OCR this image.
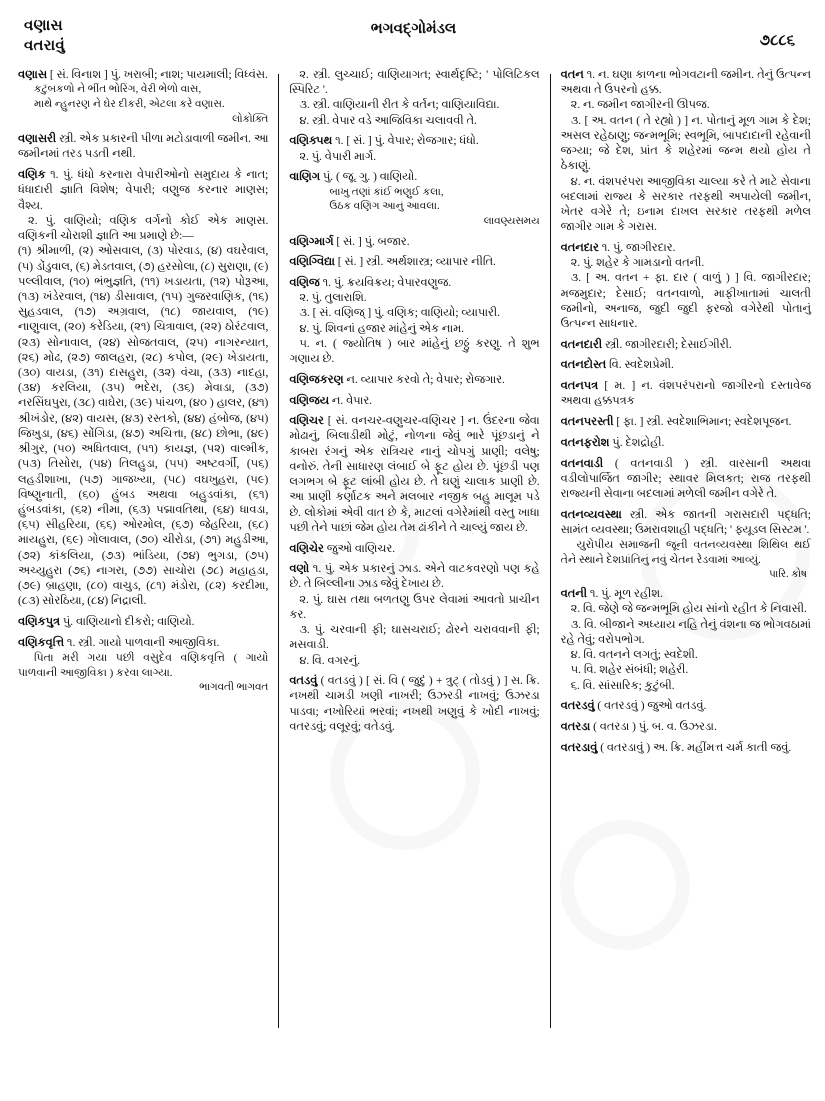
વણાસ
વતરાવું
ભગવદ્ગોમંડલ
૭૮૮૬
વણાસ [ સં. વિનાશ ] પું. ખરાબી; નાશ; પાયમાલી; વિધ્વંસ.
કટુંબકળો ને ભીંત ભોરિંગ, વેરી ભેળો વાસ,
માથે ન્હુનરણ ને ઘેર દીકરી, એટલા કરે વણાસ.
લોકોક્તિ
વણાસરી સ્ત્રી. એક પ્રકારની પીળા મટોડાવાળી જમીન. આ જમીનમાં તરડ પડતી નથી.
વણિક ૧. પું. ધંધો કરનારા વેપારીઓનો સમુદાય કે નાત; ધંધાદારી જ્ઞાતિ વિશેષ; વેપારી; વણુજ કરનાર માણસ; વૈશ્ય.
૨. પું. વાણિયો; વણિક વર્ગનો કોઈ એક માણસ. વણિકની ચોરાશી જ્ઞાતિ આ પ્રમાણે છે:—
(૧) શ્રીમાળી, (૨) ઓસવાલ, (૩) પોરવાડ, (૪) વઘરેવાલ, (૫) ડોંડુવાલ, (૬) મેડતવાલ, (૭) હરસોલા, (૮) સુરાણા, (૯) પલ્લીવાલ, (૧૦) ભંભુજ્ઞતિ, (૧૧) ખડાયતા, (૧૨) પોરૂઆ, (૧૩) ખંડેરવાલ, (૧૪) ડીસાવાલ, (૧૫) ગુજરવાણિક, (૧૬) સુહડવાલ, (૧૭) અગ્રવાલ, (૧૮) જાયવાલ, (૧૯) નાણુવાલ, (૨૦) કરેડિયા, (૨૧) ચિત્રાવાલ, (૨૨) ઠોરંટવાલ, (૨૩) સોનાવાલ, (૨૪) સોજતવાલ, (૨૫) નાગરન્યાત, (૨૬) મોઢ, (૨૭) જાલહરા, (૨૮) કપોલ, (૨૯) ખેડાયતા, (૩૦) વાયડા, (૩૧) દાસહુરા, (૩૨) વંચા, (૩૩) નાદહા, (૩૪) કરલિયા, (૩૫) ભદેરા, (૩૬) મેવાડા, (૩૭) નરસિંઘપુરા, (૩૮) વાઘેરા, (૩૯) પાંચળ, (૪૦ ) હાલર, (૪૧) શ્રીખંડોર, (૪૨) વાયસ, (૪૩) રસ્તકો, (૪૪) હંબોજ, (૪૫) જિખુડા, (૪૬) સોંગિડા, (૪૭) અચિત્તા, (૪૮) છોભા, (૪૯) શ્રીગુર, (૫૦) અધિતવાલ, (૫૧) કાયજ્ઞ, (૫૨) વાલ્મીક, (૫૩) તિસોરા, (૫૪) તિલહુડા, (૫૫) અષ્ટવર્ગી, (૫૬) લહડીશાખા, (૫૭) ગાજખ્યા, (૫૮) વઘખુહરા, (૫૯) વિષ્ણુનાતી, (૬૦) હુંબડ અથવા બહુડવાંકા, (૬૧) હુંબડવાંકા, (૬૨) નીમા, (૬૩) પદ્માવતિથા, (૬૪) ધાવડા, (૬૫) સીહરિયા, (૬૬) ઓરમોલ, (૬૭) જેહરિયા, (૬૮) માયહુરા, (૬૯) ગોલાવાલ, (૭૦) ચીરોડા, (૭૧) મહુડીઆ, (૭૨) કાંકલિયા, (૭૩) ભાંડિયા, (૭૪) ભુગડા, (૭૫) અચ્યુહુરા (૭૬) નાગરા, (૭૭) સાચોરા (૭૮) મહાહડા, (૭૯) બ્રાહણા, (૮૦) વાચુડ, (૮૧) મંડોરા, (૮૨) કરદીમા, (૮૩) સોરઠિયા, (૮૪) નિદ્રાલી.
વણિકપુત્ર પું. વાણિયાનો દીકરો; વાણિયો.
વણિકવૃત્તિ ૧. સ્ત્રી. ગાયો પાળવાની આજીવિકા.
પિતા મરી ગયા પછી વસુદેવ વણિકવૃત્તિ ( ગાયો પાળવાની આજીવિકા ) કરવા લાગ્યા.
ભાગવતી ભાગવત
૨. સ્ત્રી. લુચ્ચાઈ; વાણિયાગત; સ્વાર્થદૃષ્ટિ; ' પોલિટિકલ સ્પિરિટ '.
૩. સ્ત્રી. વાણિયાની રીત કે વર્તન; વાણિયાવિદ્યા.
૪. સ્ત્રી. વેપાર વડે આજિવિકા ચલાવવી તે.
વણિક્પથ ૧. [ સં. ] પું. વેપાર; રોજગાર; ધંધો.
૨. પું. વેપારી માર્ગ.
વાણિગ પું. ( જૂ. ગુ. ) વાણિયો.
બાખુ તણાં કાંઈ ભણુઈ કલા,
ઉઠક વણિગ આનું આવલા.
લાવણ્યસમય
વણિગ્માર્ગ [ સં. ] પું. બજાર.
વણિગ્વિદ્યા [ સં. ] સ્ત્રી. અર્થશાસ્ત્ર; વ્યાપાર નીતિ.
વણિજ ૧. પું. ક્રયવિક્રય; વેપારવણુજ.
૨. પું. તુલારાશિ.
૩. [ સં. વણિજ્ ] પું. વણિક; વાણિયો; વ્યાપારી.
૪. પું. શિવનાં હજાર માંહેનું એક નામ.
૫. ન. ( જ્યોતિષ ) બાર માંહેનું છઠ્ઠું કરણુ. તે શુભ ગણાય છે.
વણિજકરણ ન. વ્યાપાર કરવો તે; વેપાર; રોજગાર.
વણિજય ન. વેપાર.
વણિચર [ સં. વનચર-વણુચર-વણિચર ] ન. ઉંદરના જેવા મોઢાનું, બિલાડીથી મોટું, નોળના જેવું ભારે પૂંછડાનું ને કાબરા રંગનું એક રાત્રિચર નાનું ચોપગું પ્રાણી; વલેષુ; વનોરું. તેની સાધારણ લંબાઈ બે ફૂટ હોય છે. પૂંછડી પણ લગભગ બે ફૂટ લાંબી હોય છે. તે ઘણું ચાલાક પ્રાણી છે. આ પ્રાણી કર્ણાટક અને મલબાર નજીક બહુ માલૂમ પડે છે. લોકોમાં એવી વાત છે કે, માટલાં વગેરેમાંથી વસ્તુ ખાધા પછી તેને પાછાં જેમ હોય તેમ ઢાંકીને તે ચાલ્યું જાય છે.
વણિચેર જુઓ વાણિચર.
વણો ૧. પું. એક પ્રકારનું ઝાડ. એને વાટકવરણો પણ કહે છે. તે બિલ્લીના ઝાડ જેવું દેખાય છે.
૨. પું. ઘાસ તથા બળતણુ ઉપર લેવામાં આવતો પ્રાચીન કર.
૩. પું. ચરવાની ફી; ઘાસચરાઈ; ઢોરને ચરાવવાની ફી; મસવાડી.
૪. વિ. વગરનું.
વતડવું ( વતડવું ) [ સં. વિ ( જુદું ) + ત્રુટ્ ( તોડવું ) ] સ. ક્રિ. નખથી ચામડી ખણી નાખરી; ઉઝરડી નાખવું; ઉઝરડા પાડવા; નખોરિયાં ભરવાં; નખથી ખણુવું કે ખોદી નાખવું; વતરડવું; વલૂરવું; વતેડવું.
વતન ૧. ન. ઘણા કાળના ભોગવટાની જમીન. તેનું ઉત્પન્ન અથવા તે ઉપરનો હક્ક.
૨. ન. જમીન જાગીરની ઊપજ.
૩. [ અ. વતન ( તે રહ્યો ) ] ન. પોતાનું મૂળ ગામ કે દેશ; અસલ રહેઠાણુ; જન્મભૂમિ; સ્વભૂમિ, બાપદાદાની રહેવાની જગ્યા; જે દેશ, પ્રાંત કે શહેરમાં જન્મ થયો હોય તે ઠેકાણું.
૪. ન. વંશપરંપરા આજીવિકા ચાલ્યા કરે તે માટે સેવાના બદલામાં રાજ્ય કે સરકાર તરફથી અપાયેલી જમીન, ખેતર વગેરે તે; ઇનામ દાખલ સરકાર તરફથી મળેલ જાગીર ગામ કે ગરાસ.
વતનદાર ૧. પું. જાગીરદાર.
૨. પું. શહેર કે ગામડાનો વતની.
૩. [ અ. વતન + ફા. દાર ( વાળું ) ] વિ. જાગીરદાર; મજમુદાર; દેસાઈ; વતનવાળો, માફીખાતામાં ચાલતી જમીનો, અનાજ, જુદી જુદી ફરજો વગેરેથી પોતાનું ઉત્પન્ન સાધનાર.
વતનદારી સ્ત્રી. જાગીરદારી; દેસાઈગીરી.
વતનદોસ્ત વિ. સ્વદેશપ્રેમી.
વતનપત્ર [ મ. ] ન. વંશપરંપરાનો જાગીરનો દસ્તાવેજ અથવા હક્કપત્રક
વતનપરસ્તી [ ફા. ] સ્ત્રી. સ્વદેશાભિમાન; સ્વદેશપૂજન.
વતનફરોશ પું. દેશદ્રોહી.
વતનવાડી ( વતનવાડી ) સ્ત્રી. વારસાની અથવા વડીલોપાર્જિત જાગીર; સ્થાવર મિલકત; રાજ તરફથી રાજ્યની સેવાના બદલામાં મળેલી જમીન વગેરે તે.
વતનવ્યવસ્થા સ્ત્રી. એક જાતની ગરાસદારી પદ્ધતિ; સામંત વ્યવસ્થા; ઉમરાવશાહી પદ્ધતિ; ' ફ્યૂડલ સિસ્ટમ '.
યુરોપીય સમાજની જૂની વતનવ્યવસ્થા શિથિલ થઈ તેને સ્થાને દેશપ્રાંતિનું નવું ચેતન રેડવામાં આવ્યું.
પારિ. કોષ
વતની ૧. પું. મૂળ રહીશ.
૨. વિ. જેણે જે જન્મભૂમિ હોય સાંનો રહીત કે નિવાસી.
૩. વિ. બીજાને અધ્યાય નહિ તેનું વંશના જ ભોગવઠામાં રહે તેવું; વરોપભોગ.
૪. વિ. વતનને લગતું; સ્વદેશી.
૫. વિ. શહેર સંબંધી; શહેરી.
૬. વિ. સાંસારિક; કુટુંબી.
વતરડવું ( વતરડવું ) જુઓ વતડવું.
વતરડા ( વતરડા ) પું. બ. વ. ઉઝરડા.
વતરડાવું ( વતરડાવું ) અ. ક્રિ. મહીંમત્ત ચર્મ કાતી જવું.
